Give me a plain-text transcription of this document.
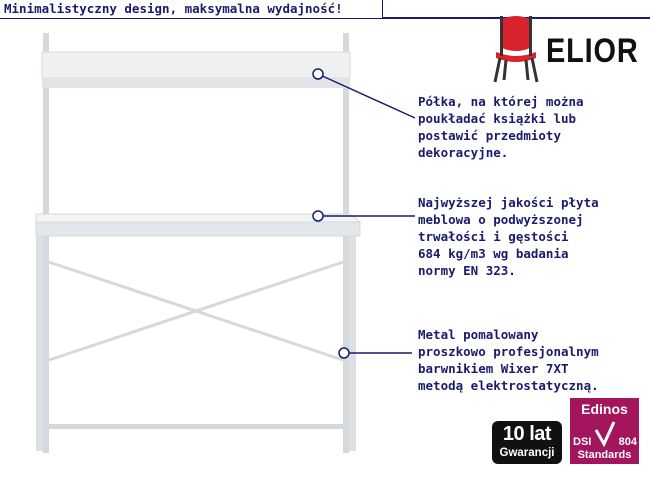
Minimalistyczny design, maksymalna wydajność!
ELIOR
Półka, na której można
poukładać książki lub
postawić przedmioty
dekoracyjne.
Najwyższej jakości płyta
meblowa o podwyższonej
trwałości i gęstości
684 kg/m3 wg badania
normy EN 323.
Metal pomalowany
proszkowo profesjonalnym
barwnikiem Wixer 7XT
metodą elektrostatyczną.
10 lat
Gwarancji
Edinos
DSI 804
Standards
